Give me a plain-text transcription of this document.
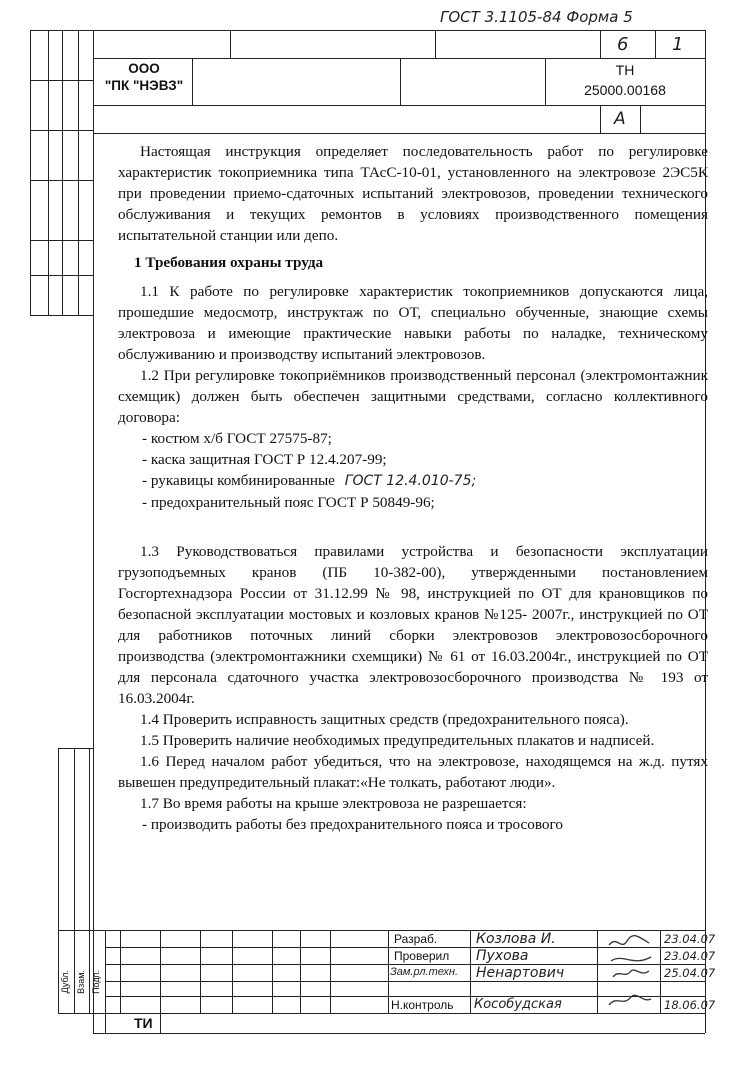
ГОСТ 3.1105-84 Форма 5
6 1
А
ООО
"ПК "НЭВЗ"
ТН
25000.00168

Настоящая инструкция определяет последовательность работ по регулировке характеристик токоприемника типа ТАсС-10-01, установленного на электровозе 2ЭС5К при проведении приемо-сдаточных испытаний электровозов, проведении технического обслуживания и текущих ремонтов в условиях производственного помещения испытательной станции или депо.

1 Требования охраны труда

1.1 К работе по регулировке характеристик токоприемников допускаются лица, прошедшие медосмотр, инструктаж по ОТ, специально обученные, знающие схемы электровоза и имеющие практические навыки работы по наладке, техническому обслуживанию и производству испытаний электровозов.

1.2 При регулировке токоприёмников производственный персонал (электромонтажник схемщик) должен быть обеспечен защитными средствами, согласно коллективного договора:

- костюм х/б ГОСТ 27575-87;

- каска защитная ГОСТ Р 12.4.207-99;

- рукавицы комбинированные ГОСТ 12.4.010-75;

- предохранительный пояс ГОСТ Р 50849-96;

1.3 Руководствоваться правилами устройства и безопасности эксплуатации грузоподъемных кранов (ПБ 10-382-00), утвержденными постановлением Госгортехнадзора России от 31.12.99 № 98, инструкцией по ОТ для крановщиков по безопасной эксплуатации мостовых и козловых кранов №125- 2007г., инструкцией по ОТ для работников поточных линий сборки электровозов электровозосборочного производства (электромонтажники схемщики) № 61 от 16.03.2004г., инструкцией по ОТ для персонала сдаточного участка электровозосборочного производства № 193 от 16.03.2004г.

1.4 Проверить исправность защитных средств (предохранительного пояса).

1.5 Проверить наличие необходимых предупредительных плакатов и надписей.

1.6 Перед началом работ убедиться, что на электровозе, находящемся на ж.д. путях вывешен предупредительный плакат:«Не толкать, работают люди».

1.7 Во время работы на крыше электровоза не разрешается:

- производить работы без предохранительного пояса и тросового

Дубл. Взам. Подп.
Разраб.
Проверил
Зам.рл.техн.
Н.контроль
Козлова И.
Пухова
Ненартович
Кособудская
23.04.07
23.04.07
25.04.07
18.06.07
ТИ
